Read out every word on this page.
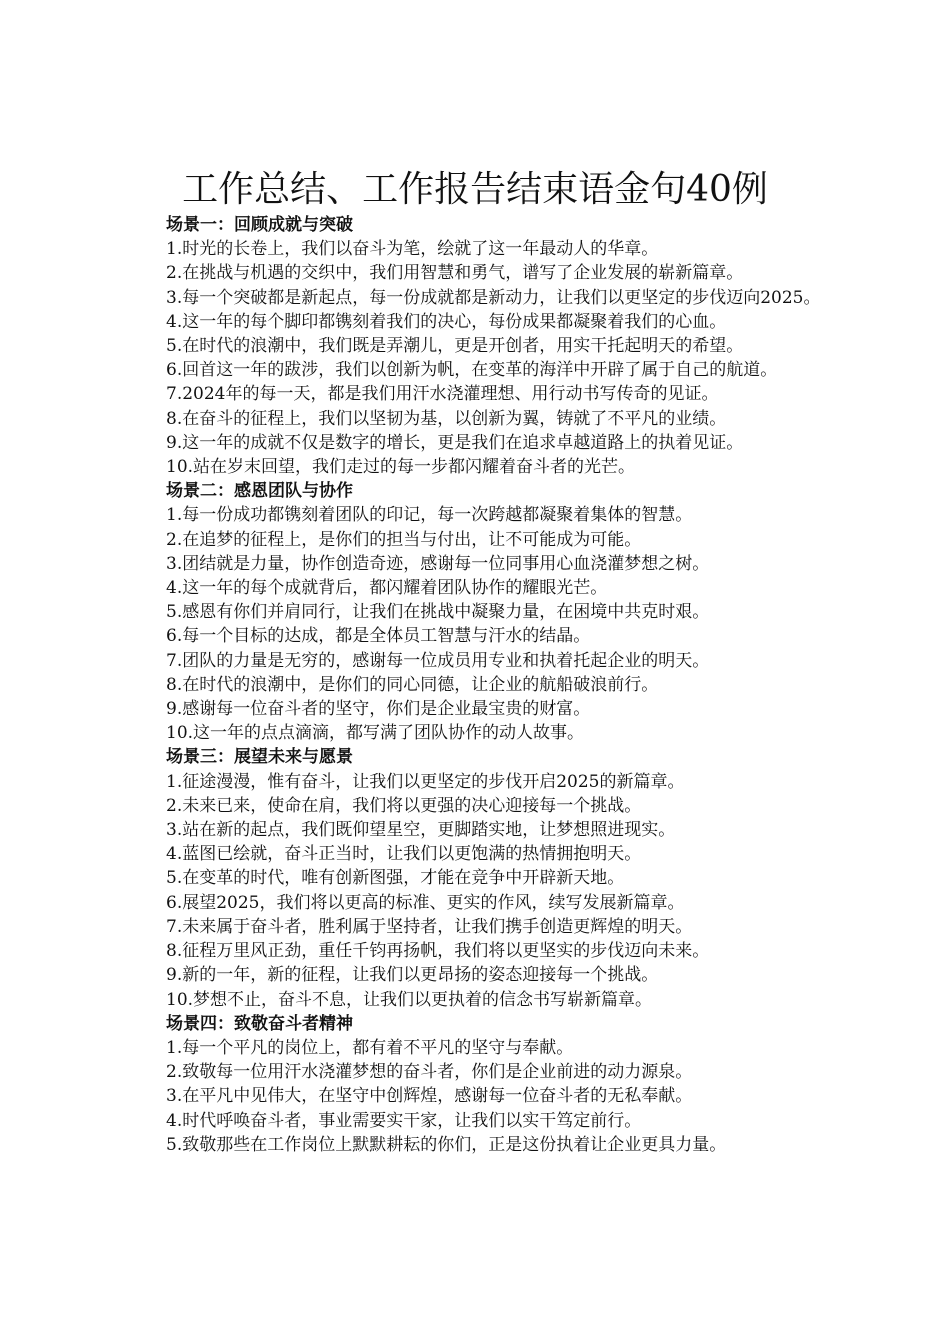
工作总结、工作报告结束语金句40例

场景一：回顾成就与突破

1.时光的长卷上，我们以奋斗为笔，绘就了这一年最动人的华章。

2.在挑战与机遇的交织中，我们用智慧和勇气，谱写了企业发展的崭新篇章。

3.每一个突破都是新起点，每一份成就都是新动力，让我们以更坚定的步伐迈向2025。

4.这一年的每个脚印都镌刻着我们的决心，每份成果都凝聚着我们的心血。

5.在时代的浪潮中，我们既是弄潮儿，更是开创者，用实干托起明天的希望。

6.回首这一年的跋涉，我们以创新为帆，在变革的海洋中开辟了属于自己的航道。

7.2024年的每一天，都是我们用汗水浇灌理想、用行动书写传奇的见证。

8.在奋斗的征程上，我们以坚韧为基，以创新为翼，铸就了不平凡的业绩。

9.这一年的成就不仅是数字的增长，更是我们在追求卓越道路上的执着见证。

10.站在岁末回望，我们走过的每一步都闪耀着奋斗者的光芒。

场景二：感恩团队与协作

1.每一份成功都镌刻着团队的印记，每一次跨越都凝聚着集体的智慧。

2.在追梦的征程上，是你们的担当与付出，让不可能成为可能。

3.团结就是力量，协作创造奇迹，感谢每一位同事用心血浇灌梦想之树。

4.这一年的每个成就背后，都闪耀着团队协作的耀眼光芒。

5.感恩有你们并肩同行，让我们在挑战中凝聚力量，在困境中共克时艰。

6.每一个目标的达成，都是全体员工智慧与汗水的结晶。

7.团队的力量是无穷的，感谢每一位成员用专业和执着托起企业的明天。

8.在时代的浪潮中，是你们的同心同德，让企业的航船破浪前行。

9.感谢每一位奋斗者的坚守，你们是企业最宝贵的财富。

10.这一年的点点滴滴，都写满了团队协作的动人故事。

场景三：展望未来与愿景

1.征途漫漫，惟有奋斗，让我们以更坚定的步伐开启2025的新篇章。

2.未来已来，使命在肩，我们将以更强的决心迎接每一个挑战。

3.站在新的起点，我们既仰望星空，更脚踏实地，让梦想照进现实。

4.蓝图已绘就，奋斗正当时，让我们以更饱满的热情拥抱明天。

5.在变革的时代，唯有创新图强，才能在竞争中开辟新天地。

6.展望2025，我们将以更高的标准、更实的作风，续写发展新篇章。

7.未来属于奋斗者，胜利属于坚持者，让我们携手创造更辉煌的明天。

8.征程万里风正劲，重任千钧再扬帆，我们将以更坚实的步伐迈向未来。

9.新的一年，新的征程，让我们以更昂扬的姿态迎接每一个挑战。

10.梦想不止，奋斗不息，让我们以更执着的信念书写崭新篇章。

场景四：致敬奋斗者精神

1.每一个平凡的岗位上，都有着不平凡的坚守与奉献。

2.致敬每一位用汗水浇灌梦想的奋斗者，你们是企业前进的动力源泉。

3.在平凡中见伟大，在坚守中创辉煌，感谢每一位奋斗者的无私奉献。

4.时代呼唤奋斗者，事业需要实干家，让我们以实干笃定前行。

5.致敬那些在工作岗位上默默耕耘的你们，正是这份执着让企业更具力量。
